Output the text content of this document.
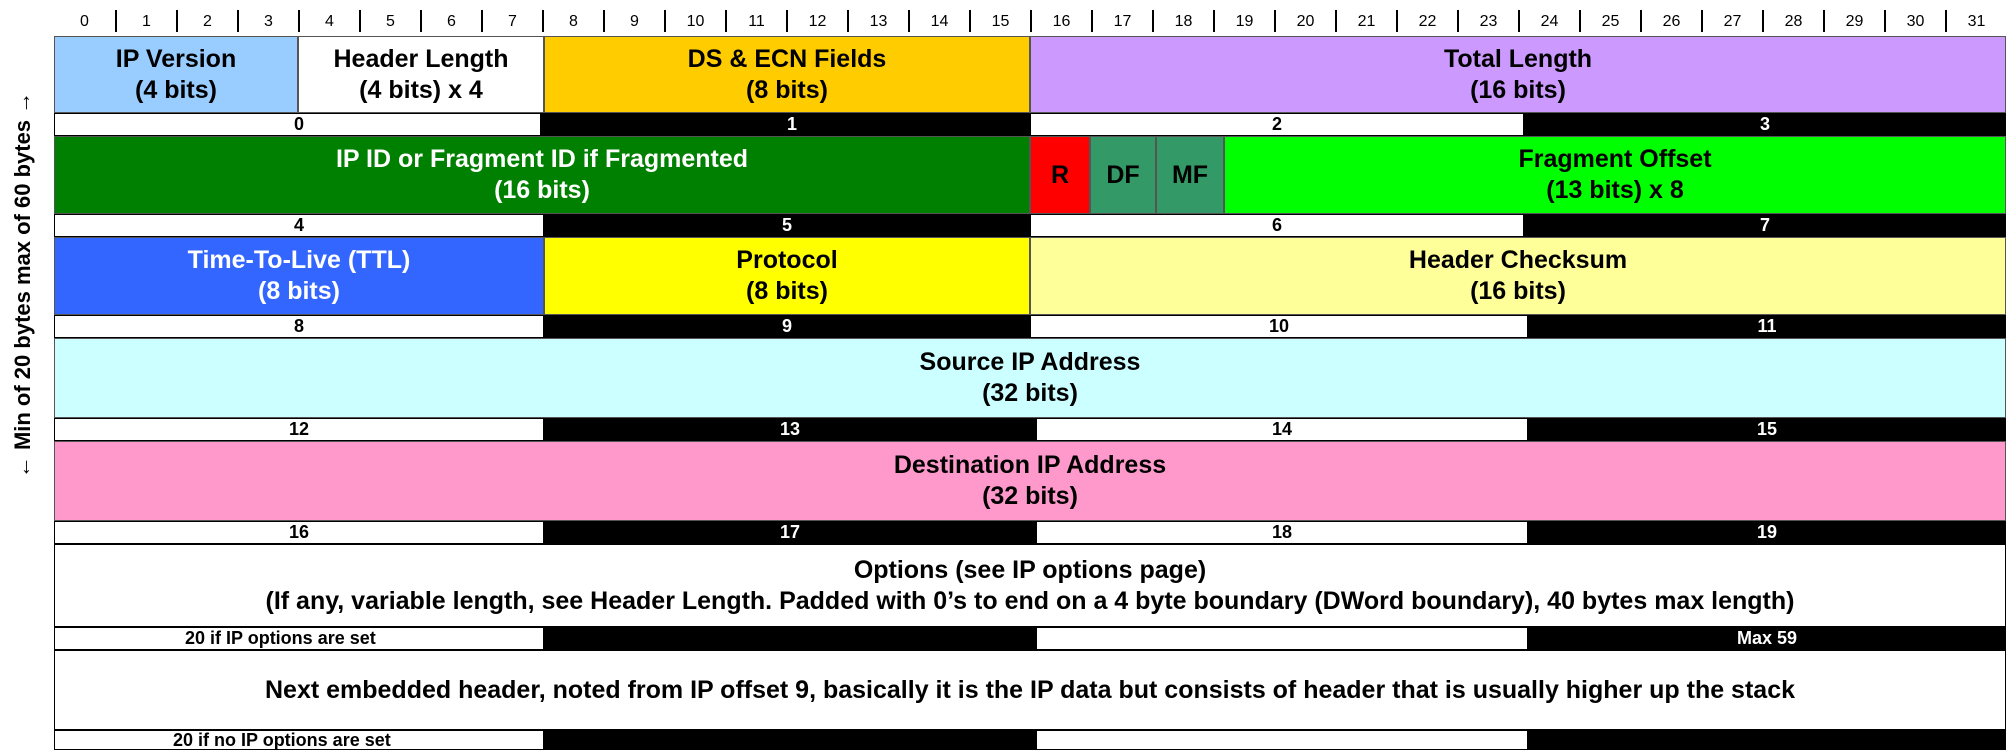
0	1	2	3	4	5	6	7	8	9	10	11	12	13	14	15	16	17	18	19	20	21	22	23	24	25	26	27	28	29	30	31
← Min of 20 bytes max of 60 bytes →
IP Version
(4 bits)
Header Length
(4 bits) x 4
DS & ECN Fields
(8 bits)
Total Length
(16 bits)
0	1	2	3
IP ID or Fragment ID if Fragmented
(16 bits)
R	DF	MF
Fragment Offset
(13 bits) x 8
4	5	6	7
Time-To-Live (TTL)
(8 bits)
Protocol
(8 bits)
Header Checksum
(16 bits)
8	9	10	11
Source IP Address
(32 bits)
12	13	14	15
Destination IP Address
(32 bits)
16	17	18	19
Options (see IP options page)
(If any, variable length, see Header Length. Padded with 0’s to end on a 4 byte boundary (DWord boundary), 40 bytes max length)
20 if IP options are set	Max 59
Next embedded header, noted from IP offset 9, basically it is the IP data but consists of header that is usually higher up the stack
20 if no IP options are set
